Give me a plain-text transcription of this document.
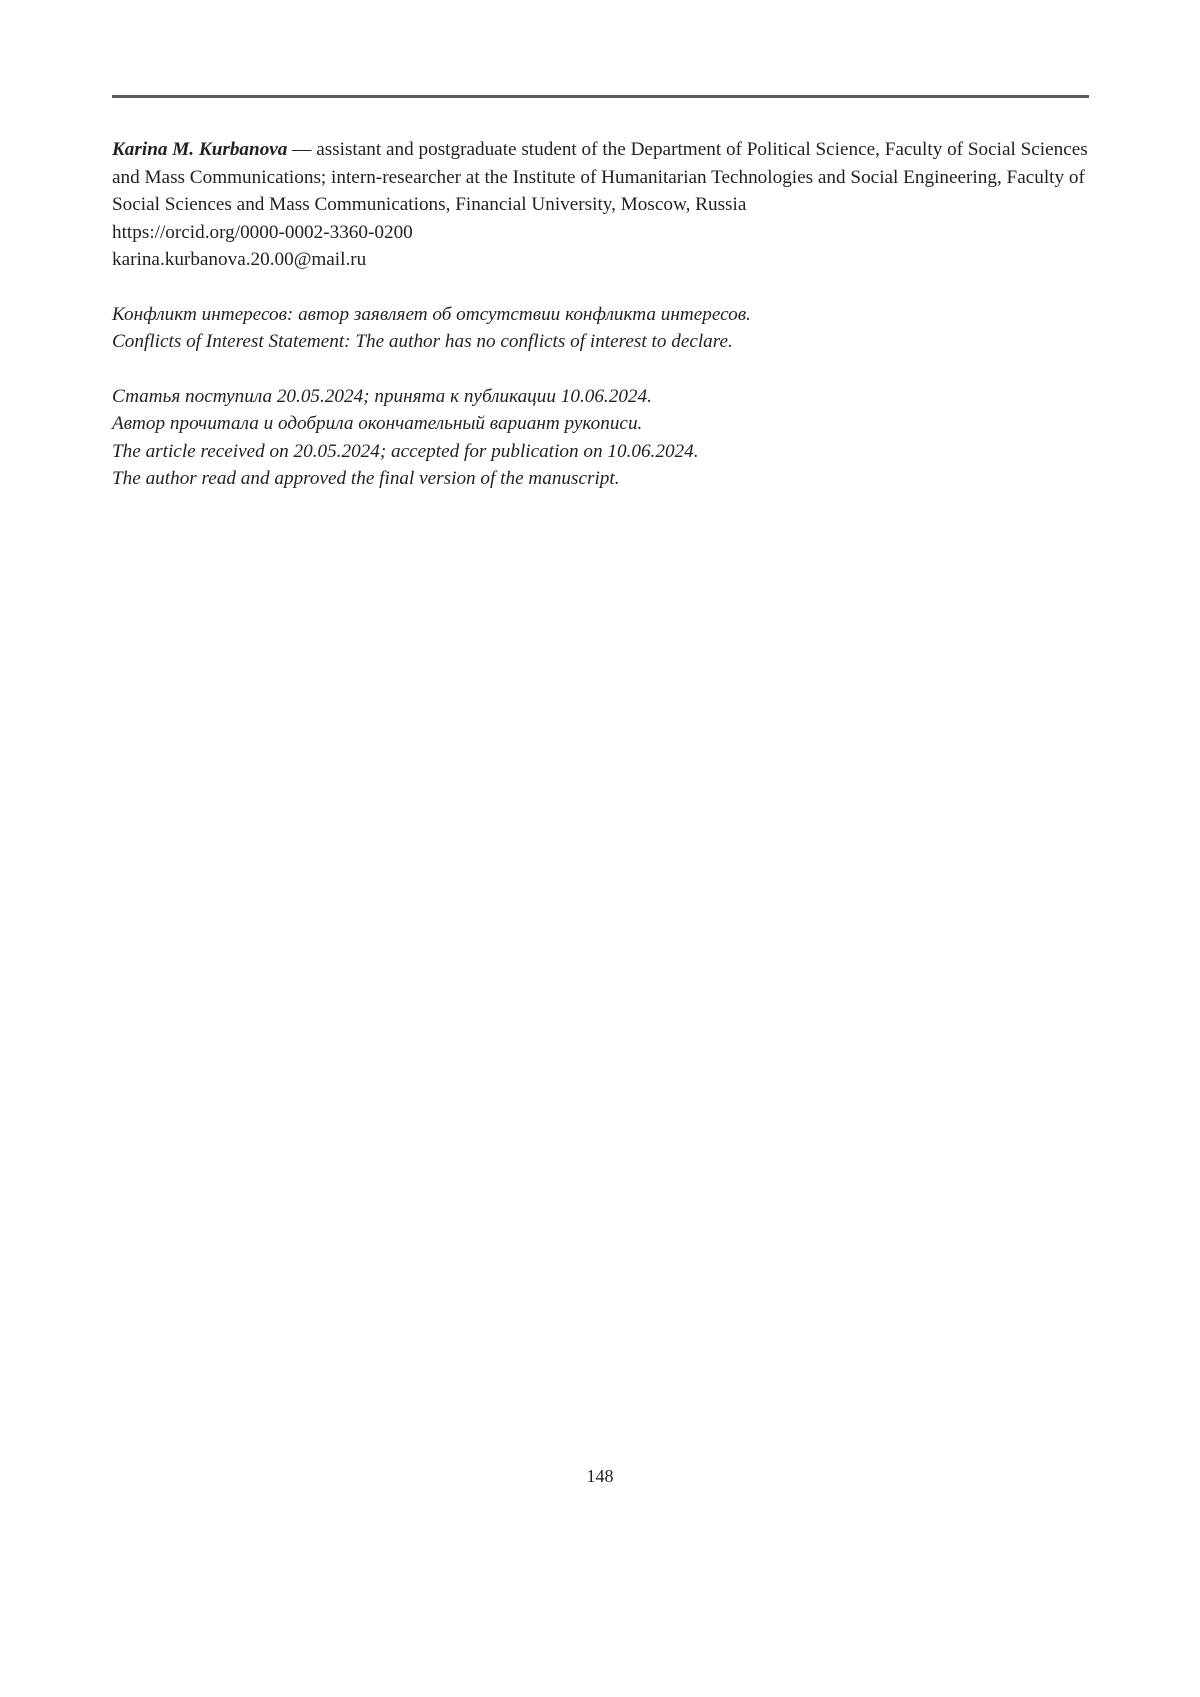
Karina M. Kurbanova — assistant and postgraduate student of the Department of Political Science, Faculty of Social Sciences and Mass Communications; intern-researcher at the Institute of Humanitarian Technologies and Social Engineering, Faculty of Social Sciences and Mass Communications, Financial University, Moscow, Russia

https://orcid.org/0000-0002-3360-0200
karina.kurbanova.20.00@mail.ru
Конфликт интересов: автор заявляет об отсутствии конфликта интересов.
Conflicts of Interest Statement: The author has no conflicts of interest to declare.
Статья поступила 20.05.2024; принята к публикации 10.06.2024.
Автор прочитала и одобрила окончательный вариант рукописи.
The article received on 20.05.2024; accepted for publication on 10.06.2024.
The author read and approved the final version of the manuscript.
148
